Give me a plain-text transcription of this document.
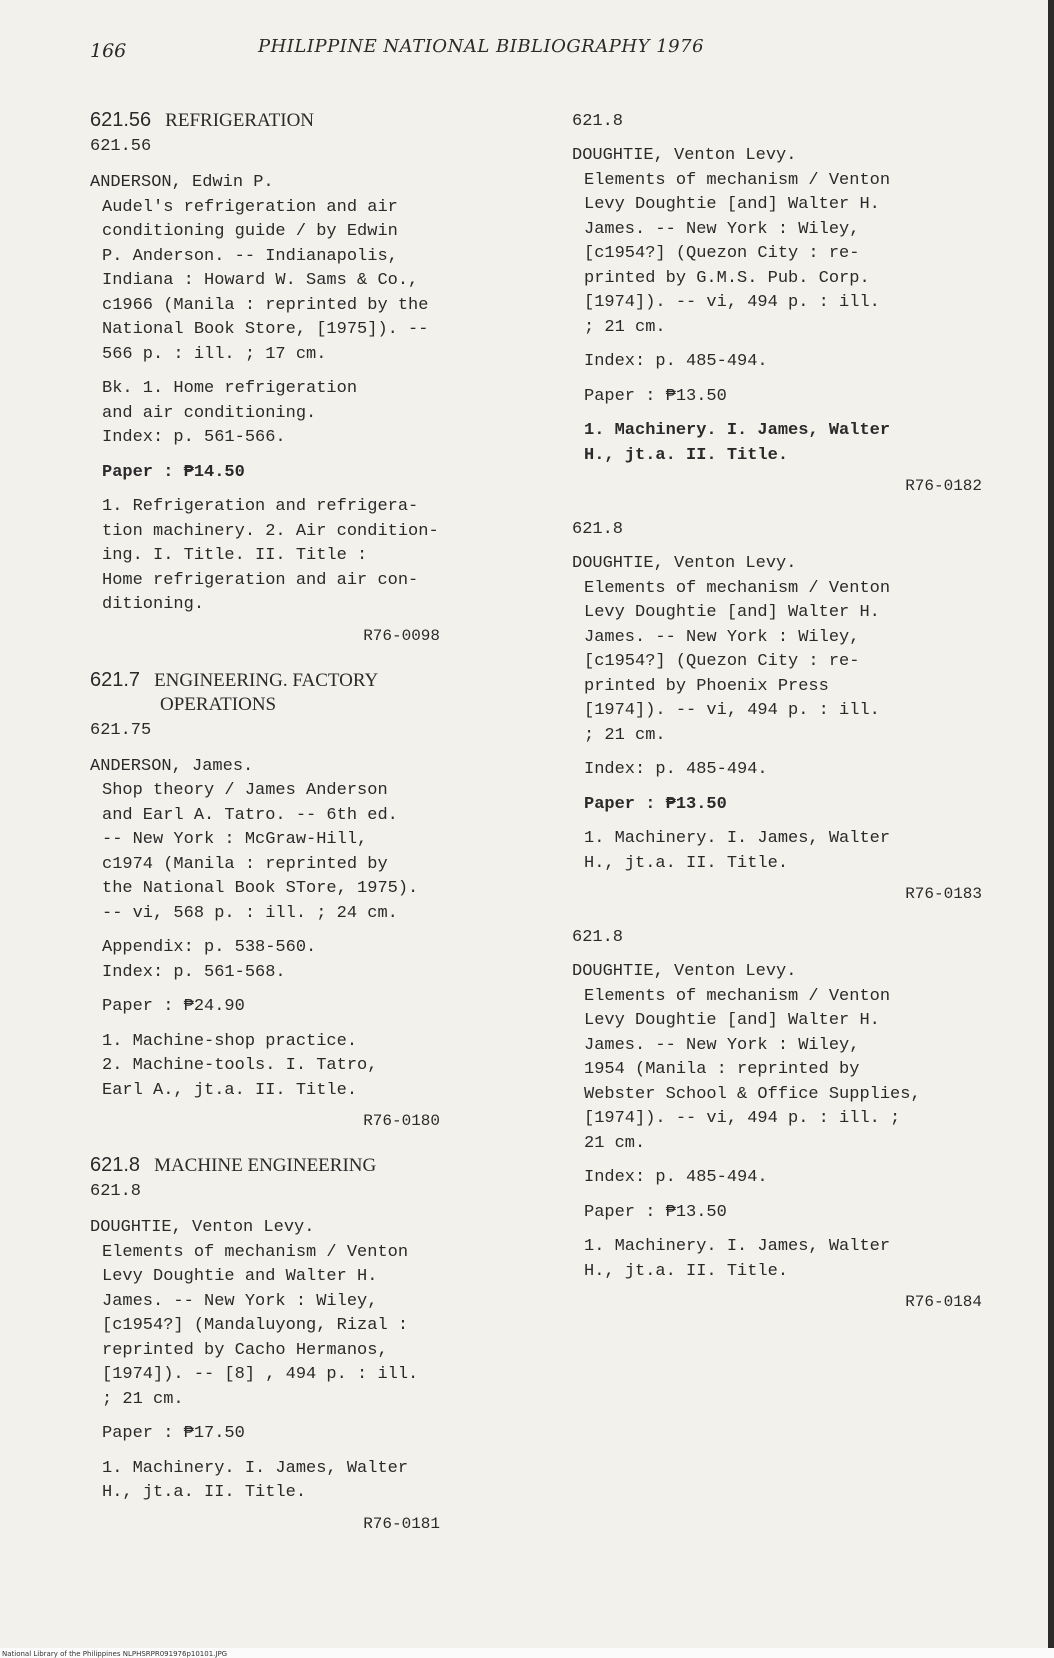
166	PHILIPPINE NATIONAL BIBLIOGRAPHY 1976
621.56 REFRIGERATION
621.56
ANDERSON, Edwin P.
Audel's refrigeration and air
conditioning guide / by Edwin
P. Anderson. -- Indianapolis,
Indiana : Howard W. Sams & Co.,
c1966 (Manila : reprinted by the
National Book Store, [1975]). --
566 p. : ill. ; 17 cm.
Bk. 1. Home refrigeration
and air conditioning.
Index: p. 561-566.
Paper : ₱14.50
1. Refrigeration and refrigera-
tion machinery. 2. Air condition-
ing. I. Title. II. Title :
Home refrigeration and air con-
ditioning.
R76-0098
621.7 ENGINEERING. FACTORY
OPERATIONS
621.75
ANDERSON, James.
Shop theory / James Anderson
and Earl A. Tatro. -- 6th ed.
-- New York : McGraw-Hill,
c1974 (Manila : reprinted by
the National Book STore, 1975).
-- vi, 568 p. : ill. ; 24 cm.
Appendix: p. 538-560.
Index: p. 561-568.
Paper : ₱24.90
1. Machine-shop practice.
2. Machine-tools. I. Tatro,
Earl A., jt.a. II. Title.
R76-0180
621.8 MACHINE ENGINEERING
621.8
DOUGHTIE, Venton Levy.
Elements of mechanism / Venton
Levy Doughtie and Walter H.
James. -- New York : Wiley,
[c1954?] (Mandaluyong, Rizal :
reprinted by Cacho Hermanos,
[1974]). -- [8] , 494 p. : ill.
; 21 cm.
Paper : ₱17.50
1. Machinery. I. James, Walter
H., jt.a. II. Title.
R76-0181
621.8
DOUGHTIE, Venton Levy.
Elements of mechanism / Venton
Levy Doughtie [and] Walter H.
James. -- New York : Wiley,
[c1954?] (Quezon City : re-
printed by G.M.S. Pub. Corp.
[1974]). -- vi, 494 p. : ill.
; 21 cm.
Index: p. 485-494.
Paper : ₱13.50
1. Machinery. I. James, Walter
H., jt.a. II. Title.
R76-0182
621.8
DOUGHTIE, Venton Levy.
Elements of mechanism / Venton
Levy Doughtie [and] Walter H.
James. -- New York : Wiley,
[c1954?] (Quezon City : re-
printed by Phoenix Press
[1974]). -- vi, 494 p. : ill.
; 21 cm.
Index: p. 485-494.
Paper : ₱13.50
1. Machinery. I. James, Walter
H., jt.a. II. Title.
R76-0183
621.8
DOUGHTIE, Venton Levy.
Elements of mechanism / Venton
Levy Doughtie [and] Walter H.
James. -- New York : Wiley,
1954 (Manila : reprinted by
Webster School & Office Supplies,
[1974]). -- vi, 494 p. : ill. ;
21 cm.
Index: p. 485-494.
Paper : ₱13.50
1. Machinery. I. James, Walter
H., jt.a. II. Title.
R76-0184
National Library of the Philippines NLPHSRPR091976p10101.JPG
